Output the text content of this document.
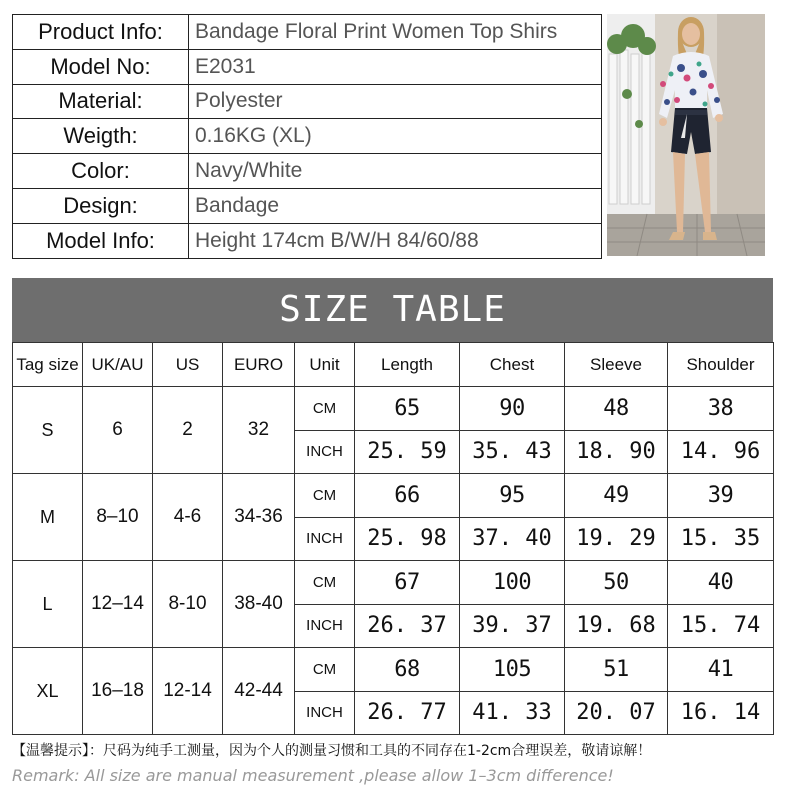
Product Info:	Bandage Floral Print Women Top Shirs
Model No:	E2031
Material:	Polyester
Weigth:	0.16KG (XL)
Color:	Navy/White
Design:	Bandage
Model Info:	Height 174cm B/W/H 84/60/88
SIZE TABLE
Tag size	UK/AU	US	EURO	Unit	Length	Chest	Sleeve	Shoulder
S	6	2	32	CM	65	90	48	38
				INCH	25. 59	35. 43	18. 90	14. 96
M	8–10	4-6	34-36	CM	66	95	49	39
				INCH	25. 98	37. 40	19. 29	15. 35
L	12–14	8-10	38-40	CM	67	100	50	40
				INCH	26. 37	39. 37	19. 68	15. 74
XL	16–18	12-14	42-44	CM	68	105	51	41
				INCH	26. 77	41. 33	20. 07	16. 14
【温馨提示】：尺码为纯手工测量，因为个人的测量习惯和工具的不同存在1-2cm合理误差，敬请谅解！
Remark: All size are manual measurement ,please allow 1–3cm difference!
